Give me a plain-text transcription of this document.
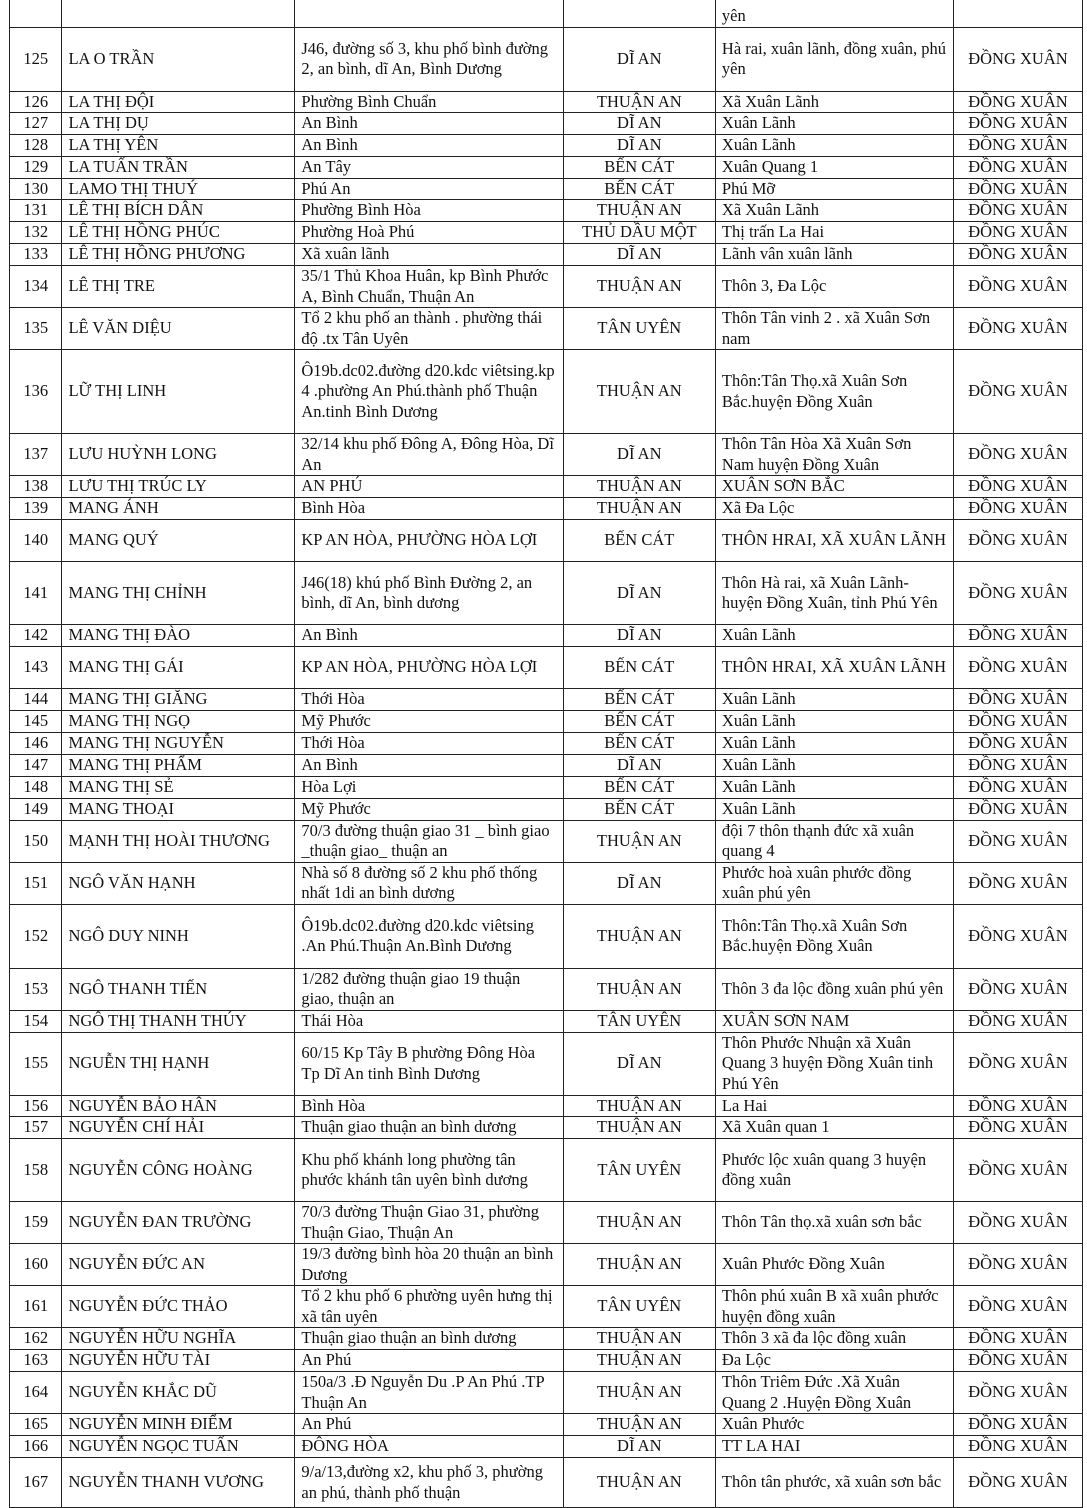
				yên	
125	LA O TRẦN	J46, đường số 3, khu phố bình đường 2, an bình, dĩ An, Bình Dương	DĨ AN	Hà rai, xuân lãnh, đồng xuân, phú yên	ĐỒNG XUÂN
126	LA THỊ ĐỘI	Phường Bình Chuẩn	THUẬN AN	Xã Xuân Lãnh	ĐỒNG XUÂN
127	LA THỊ DỤ	An Bình	DĨ AN	Xuân Lãnh	ĐỒNG XUÂN
128	LA THỊ YÊN	An Bình	DĨ AN	Xuân Lãnh	ĐỒNG XUÂN
129	LA TUẤN TRẦN	An Tây	BẾN CÁT	Xuân Quang 1	ĐỒNG XUÂN
130	LAMO THỊ THUÝ	Phú An	BẾN CÁT	Phú Mỡ	ĐỒNG XUÂN
131	LÊ THỊ BÍCH DÂN	Phường Bình Hòa	THUẬN AN	Xã Xuân Lãnh	ĐỒNG XUÂN
132	LÊ THỊ HỒNG PHÚC	Phường Hoà Phú	THỦ DẦU MỘT	Thị trấn La Hai	ĐỒNG XUÂN
133	LÊ THỊ HỒNG PHƯƠNG	Xã xuân lãnh	DĨ AN	Lãnh vân xuân lãnh	ĐỒNG XUÂN
134	LÊ THỊ TRE	35/1 Thủ Khoa Huân, kp Bình Phước A, Bình Chuẩn, Thuận An	THUẬN AN	Thôn 3, Đa Lộc	ĐỒNG XUÂN
135	LÊ VĂN DIỆU	Tổ 2 khu phố an thành . phường thái độ .tx Tân Uyên	TÂN UYÊN	Thôn Tân vinh 2 . xã Xuân Sơn nam	ĐỒNG XUÂN
136	LỮ THỊ LINH	Ô19b.dc02.đường d20.kdc viêtsing.kp 4 .phường An Phú.thành phố Thuận An.tinh Bình Dương	THUẬN AN	Thôn:Tân Thọ.xã Xuân Sơn Bắc.huyện Đồng Xuân	ĐỒNG XUÂN
137	LƯU HUỲNH LONG	32/14 khu phố Đông A, Đông Hòa, Dĩ An	DĨ AN	Thôn Tân Hòa Xã Xuân Sơn Nam huyện Đồng Xuân	ĐỒNG XUÂN
138	LƯU THỊ TRÚC LY	AN PHÚ	THUẬN AN	XUÂN SƠN BẮC	ĐỒNG XUÂN
139	MANG ÁNH	Bình Hòa	THUẬN AN	Xã Đa Lộc	ĐỒNG XUÂN
140	MANG QUÝ	KP AN HÒA, PHƯỜNG HÒA LỢI	BẾN CÁT	THÔN HRAI, XÃ XUÂN LÃNH	ĐỒNG XUÂN
141	MANG THỊ CHỈNH	J46(18) khú phố Bình Đường 2, an bình, dĩ An, bình dương	DĨ AN	Thôn Hà rai, xã Xuân Lãnh- huyện Đồng Xuân, tỉnh Phú Yên	ĐỒNG XUÂN
142	MANG THỊ ĐÀO	An Bình	DĨ AN	Xuân Lãnh	ĐỒNG XUÂN
143	MANG THỊ GÁI	KP AN HÒA, PHƯỜNG HÒA LỢI	BẾN CÁT	THÔN HRAI, XÃ XUÂN LÃNH	ĐỒNG XUÂN
144	MANG THỊ GIĂNG	Thới Hòa	BẾN CÁT	Xuân Lãnh	ĐỒNG XUÂN
145	MANG THỊ NGỌ	Mỹ Phước	BẾN CÁT	Xuân Lãnh	ĐỒNG XUÂN
146	MANG THỊ NGUYỄN	Thới Hòa	BẾN CÁT	Xuân Lãnh	ĐỒNG XUÂN
147	MANG THỊ PHẨM	An Bình	DĨ AN	Xuân Lãnh	ĐỒNG XUÂN
148	MANG THỊ SẺ	Hòa Lợi	BẾN CÁT	Xuân Lãnh	ĐỒNG XUÂN
149	MANG THOẠI	Mỹ Phước	BẾN CÁT	Xuân Lãnh	ĐỒNG XUÂN
150	MẠNH THỊ HOÀI THƯƠNG	70/3 đường thuận giao 31 _ bình giao _thuận giao_ thuận an	THUẬN AN	đội 7 thôn thạnh đức xã xuân quang 4	ĐỒNG XUÂN
151	NGÔ VĂN HẠNH	Nhà số 8 đường số 2 khu phố thống nhất 1di an bình dương	DĨ AN	Phước hoà xuân phước đồng xuân phú yên	ĐỒNG XUÂN
152	NGÔ DUY NINH	Ô19b.dc02.đường d20.kdc viêtsing .An Phú.Thuận An.Bình Dương	THUẬN AN	Thôn:Tân Thọ.xã Xuân Sơn Bắc.huyện Đồng Xuân	ĐỒNG XUÂN
153	NGÔ THANH TIẾN	1/282 đường thuận giao 19 thuận giao, thuận an	THUẬN AN	Thôn 3 đa lộc đồng xuân phú yên	ĐỒNG XUÂN
154	NGÔ THỊ THANH THÚY	Thái Hòa	TÂN UYÊN	XUÂN SƠN NAM	ĐỒNG XUÂN
155	NGUỄN THỊ HẠNH	60/15 Kp Tây B phường Đông Hòa Tp Dĩ An tinh Bình Dương	DĨ AN	Thôn Phước Nhuận xã Xuân Quang 3 huyện Đồng Xuân tinh Phú Yên	ĐỒNG XUÂN
156	NGUYỄN BẢO HÂN	Bình Hòa	THUẬN AN	La Hai	ĐỒNG XUÂN
157	NGUYỄN CHÍ HẢI	Thuận giao thuận an bình dương	THUẬN AN	Xã Xuân quan 1	ĐỒNG XUÂN
158	NGUYỄN CÔNG HOÀNG	Khu phố khánh long phường tân phước khánh tân uyên bình dương	TÂN UYÊN	Phước lộc xuân quang 3 huyện đồng xuân	ĐỒNG XUÂN
159	NGUYỄN ĐAN TRƯỜNG	70/3 đường Thuận Giao 31, phường Thuận Giao, Thuận An	THUẬN AN	Thôn Tân thọ.xã xuân sơn bắc	ĐỒNG XUÂN
160	NGUYỄN ĐỨC AN	19/3 đường bình hòa 20 thuận an bình Dương	THUẬN AN	Xuân Phước Đồng Xuân	ĐỒNG XUÂN
161	NGUYỄN ĐỨC THẢO	Tổ 2 khu phố 6 phường uyên hưng thị xã tân uyên	TÂN UYÊN	Thôn phú xuân B xã xuân phước huyện đồng xuân	ĐỒNG XUÂN
162	NGUYỄN HỮU NGHĨA	Thuận giao thuận an bình dương	THUẬN AN	Thôn 3 xã đa lộc đồng xuân	ĐỒNG XUÂN
163	NGUYỄN HỮU TÀI	An Phú	THUẬN AN	Đa Lộc	ĐỒNG XUÂN
164	NGUYỄN KHẮC DŨ	150a/3 .Đ Nguyễn Du .P An Phú .TP Thuận An	THUẬN AN	Thôn Triêm Đức .Xã Xuân Quang 2 .Huyện Đồng Xuân	ĐỒNG XUÂN
165	NGUYỄN MINH ĐIỂM	An Phú	THUẬN AN	Xuân Phước	ĐỒNG XUÂN
166	NGUYỄN NGỌC TUẤN	ĐÔNG HÒA	DĨ AN	TT LA HAI	ĐỒNG XUÂN
167	NGUYỄN THANH VƯƠNG	9/a/13,đường x2, khu phố 3, phường an phú, thành phố thuận	THUẬN AN	Thôn tân phước, xã xuân sơn bắc	ĐỒNG XUÂN
